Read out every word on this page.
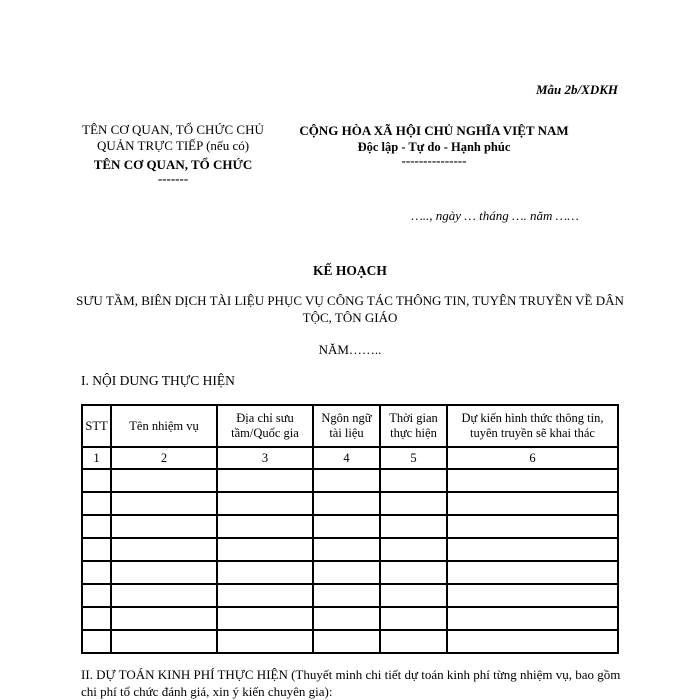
Mẫu 2b/XDKH
TÊN CƠ QUAN, TỔ CHỨC CHỦ QUẢN TRỰC TIẾP (nếu có)
TÊN CƠ QUAN, TỔ CHỨC
-------
CỘNG HÒA XÃ HỘI CHỦ NGHĨA VIỆT NAM
Độc lập - Tự do - Hạnh phúc
---------------
….., ngày … tháng …. năm ……
KẾ HOẠCH
SƯU TẦM, BIÊN DỊCH TÀI LIỆU PHỤC VỤ CÔNG TÁC THÔNG TIN, TUYÊN TRUYỀN VỀ DÂN TỘC, TÔN GIÁO
NĂM……..
I. NỘI DUNG THỰC HIỆN
STT	Tên nhiệm vụ	Địa chỉ sưu tầm/Quốc gia	Ngôn ngữ tài liệu	Thời gian thực hiện	Dự kiến hình thức thông tin, tuyên truyền sẽ khai thác
1	2	3	4	5	6

II. DỰ TOÁN KINH PHÍ THỰC HIỆN (Thuyết minh chi tiết dự toán kinh phí từng nhiệm vụ, bao gồm chi phí tổ chức đánh giá, xin ý kiến chuyên gia):
